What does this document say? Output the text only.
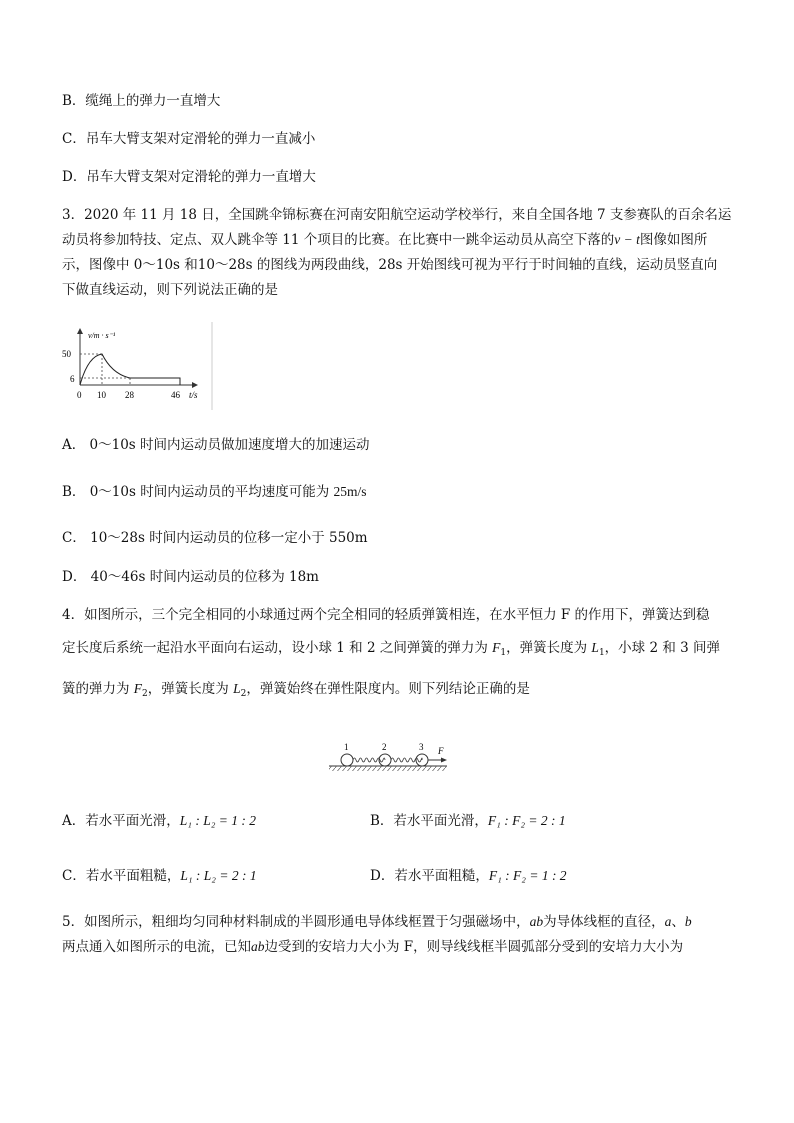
B．缆绳上的弹力一直增大
C．吊车大臂支架对定滑轮的弹力一直减小
D．吊车大臂支架对定滑轮的弹力一直增大
3．2020 年 11 月 18 日，全国跳伞锦标赛在河南安阳航空运动学校举行，来自全国各地 7 支参赛队的百余名运
动员将参加特技、定点、双人跳伞等 11 个项目的比赛。在比赛中一跳伞运动员从高空下落的v − t图像如图所
示，图像中 0～10s 和10～28s 的图线为两段曲线，28s 开始图线可视为平行于时间轴的直线，运动员竖直向
下做直线运动，则下列说法正确的是
v/m · s⁻¹
50
6
0 10 28	46 t/s
A． 0～10s 时间内运动员做加速度增大的加速运动
B． 0～10s 时间内运动员的平均速度可能为 25m/s
C． 10～28s 时间内运动员的位移一定小于 550m
D． 40～46s 时间内运动员的位移为 18m
4．如图所示，三个完全相同的小球通过两个完全相同的轻质弹簧相连，在水平恒力 F 的作用下，弹簧达到稳
定长度后系统一起沿水平面向右运动，设小球 1 和 2 之间弹簧的弹力为 $F_1$，弹簧长度为 $L_1$，小球 2 和 3 间弹
簧的弹力为 $F_2$，弹簧长度为 $L_2$，弹簧始终在弹性限度内。则下列结论正确的是
1	2	3 F
A．若水平面光滑，L₁ : L₂ = 1 : 2	B．若水平面光滑，F₁ : F₂ = 2 : 1
C．若水平面粗糙，L₁ : L₂ = 2 : 1	D．若水平面粗糙，F₁ : F₂ = 1 : 2
5．如图所示，粗细均匀同种材料制成的半圆形通电导体线框置于匀强磁场中，ab为导体线框的直径，a、b
两点通入如图所示的电流，已知ab边受到的安培力大小为 F，则导线线框半圆弧部分受到的安培力大小为
